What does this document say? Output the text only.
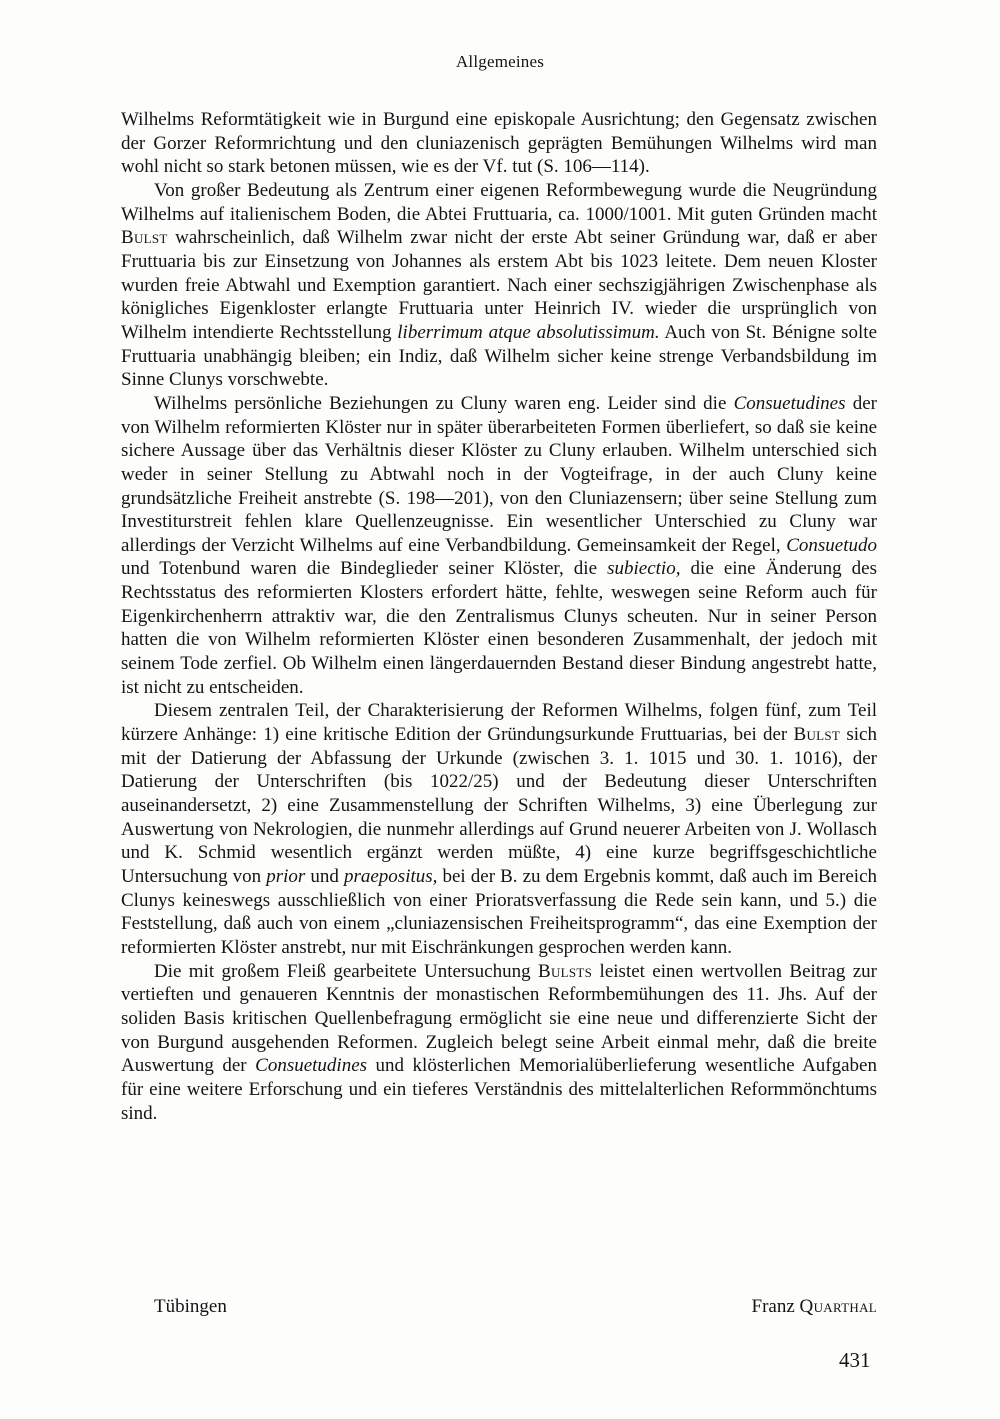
Allgemeines

Wilhelms Reformtätigkeit wie in Burgund eine episkopale Ausrichtung; den Gegensatz zwischen der Gorzer Reformrichtung und den cluniazenisch geprägten Bemühungen Wilhelms wird man wohl nicht so stark betonen müssen, wie es der Vf. tut (S. 106—114).

Von großer Bedeutung als Zentrum einer eigenen Reformbewegung wurde die Neugründung Wilhelms auf italienischem Boden, die Abtei Fruttuaria, ca. 1000/1001. Mit guten Gründen macht Bulst wahrscheinlich, daß Wilhelm zwar nicht der erste Abt seiner Gründung war, daß er aber Fruttuaria bis zur Einsetzung von Johannes als erstem Abt bis 1023 leitete. Dem neuen Kloster wurden freie Abtwahl und Exemption garantiert. Nach einer sechszigjährigen Zwischenphase als königliches Eigenkloster erlangte Fruttuaria unter Heinrich IV. wieder die ursprünglich von Wilhelm intendierte Rechtsstellung liberrimum atque absolutissimum. Auch von St. Bénigne solte Fruttuaria unabhängig bleiben; ein Indiz, daß Wilhelm sicher keine strenge Verbandsbildung im Sinne Clunys vorschwebte.

Wilhelms persönliche Beziehungen zu Cluny waren eng. Leider sind die Consuetudines der von Wilhelm reformierten Klöster nur in später überarbeiteten Formen überliefert, so daß sie keine sichere Aussage über das Verhältnis dieser Klöster zu Cluny erlauben. Wilhelm unterschied sich weder in seiner Stellung zu Abtwahl noch in der Vogteifrage, in der auch Cluny keine grundsätzliche Freiheit anstrebte (S. 198—201), von den Cluniazensern; über seine Stellung zum Investiturstreit fehlen klare Quellenzeugnisse. Ein wesentlicher Unterschied zu Cluny war allerdings der Verzicht Wilhelms auf eine Verbandbildung. Gemeinsamkeit der Regel, Consuetudo und Totenbund waren die Bindeglieder seiner Klöster, die subiectio, die eine Änderung des Rechtsstatus des reformierten Klosters erfordert hätte, fehlte, weswegen seine Reform auch für Eigenkirchenherrn attraktiv war, die den Zentralismus Clunys scheuten. Nur in seiner Person hatten die von Wilhelm reformierten Klöster einen besonderen Zusammenhalt, der jedoch mit seinem Tode zerfiel. Ob Wilhelm einen längerdauernden Bestand dieser Bindung angestrebt hatte, ist nicht zu entscheiden.

Diesem zentralen Teil, der Charakterisierung der Reformen Wilhelms, folgen fünf, zum Teil kürzere Anhänge: 1) eine kritische Edition der Gründungsurkunde Fruttuarias, bei der Bulst sich mit der Datierung der Abfassung der Urkunde (zwischen 3. 1. 1015 und 30. 1. 1016), der Datierung der Unterschriften (bis 1022/25) und der Bedeutung dieser Unterschriften auseinandersetzt, 2) eine Zusammenstellung der Schriften Wilhelms, 3) eine Überlegung zur Auswertung von Nekrologien, die nunmehr allerdings auf Grund neuerer Arbeiten von J. Wollasch und K. Schmid wesentlich ergänzt werden müßte, 4) eine kurze begriffsgeschichtliche Untersuchung von prior und praepositus, bei der B. zu dem Ergebnis kommt, daß auch im Bereich Clunys keineswegs ausschließlich von einer Prioratsverfassung die Rede sein kann, und 5.) die Feststellung, daß auch von einem „cluniazensischen Freiheitsprogramm“, das eine Exemption der reformierten Klöster anstrebt, nur mit Eischränkungen gesprochen werden kann.

Die mit großem Fleiß gearbeitete Untersuchung Bulsts leistet einen wertvollen Beitrag zur vertieften und genaueren Kenntnis der monastischen Reformbemühungen des 11. Jhs. Auf der soliden Basis kritischen Quellenbefragung ermöglicht sie eine neue und differenzierte Sicht der von Burgund ausgehenden Reformen. Zugleich belegt seine Arbeit einmal mehr, daß die breite Auswertung der Consuetudines und klösterlichen Memorialüberlieferung wesentliche Aufgaben für eine weitere Erforschung und ein tieferes Verständnis des mittelalterlichen Reformmönchtums sind.

Tübingen	Franz Quarthal
431
